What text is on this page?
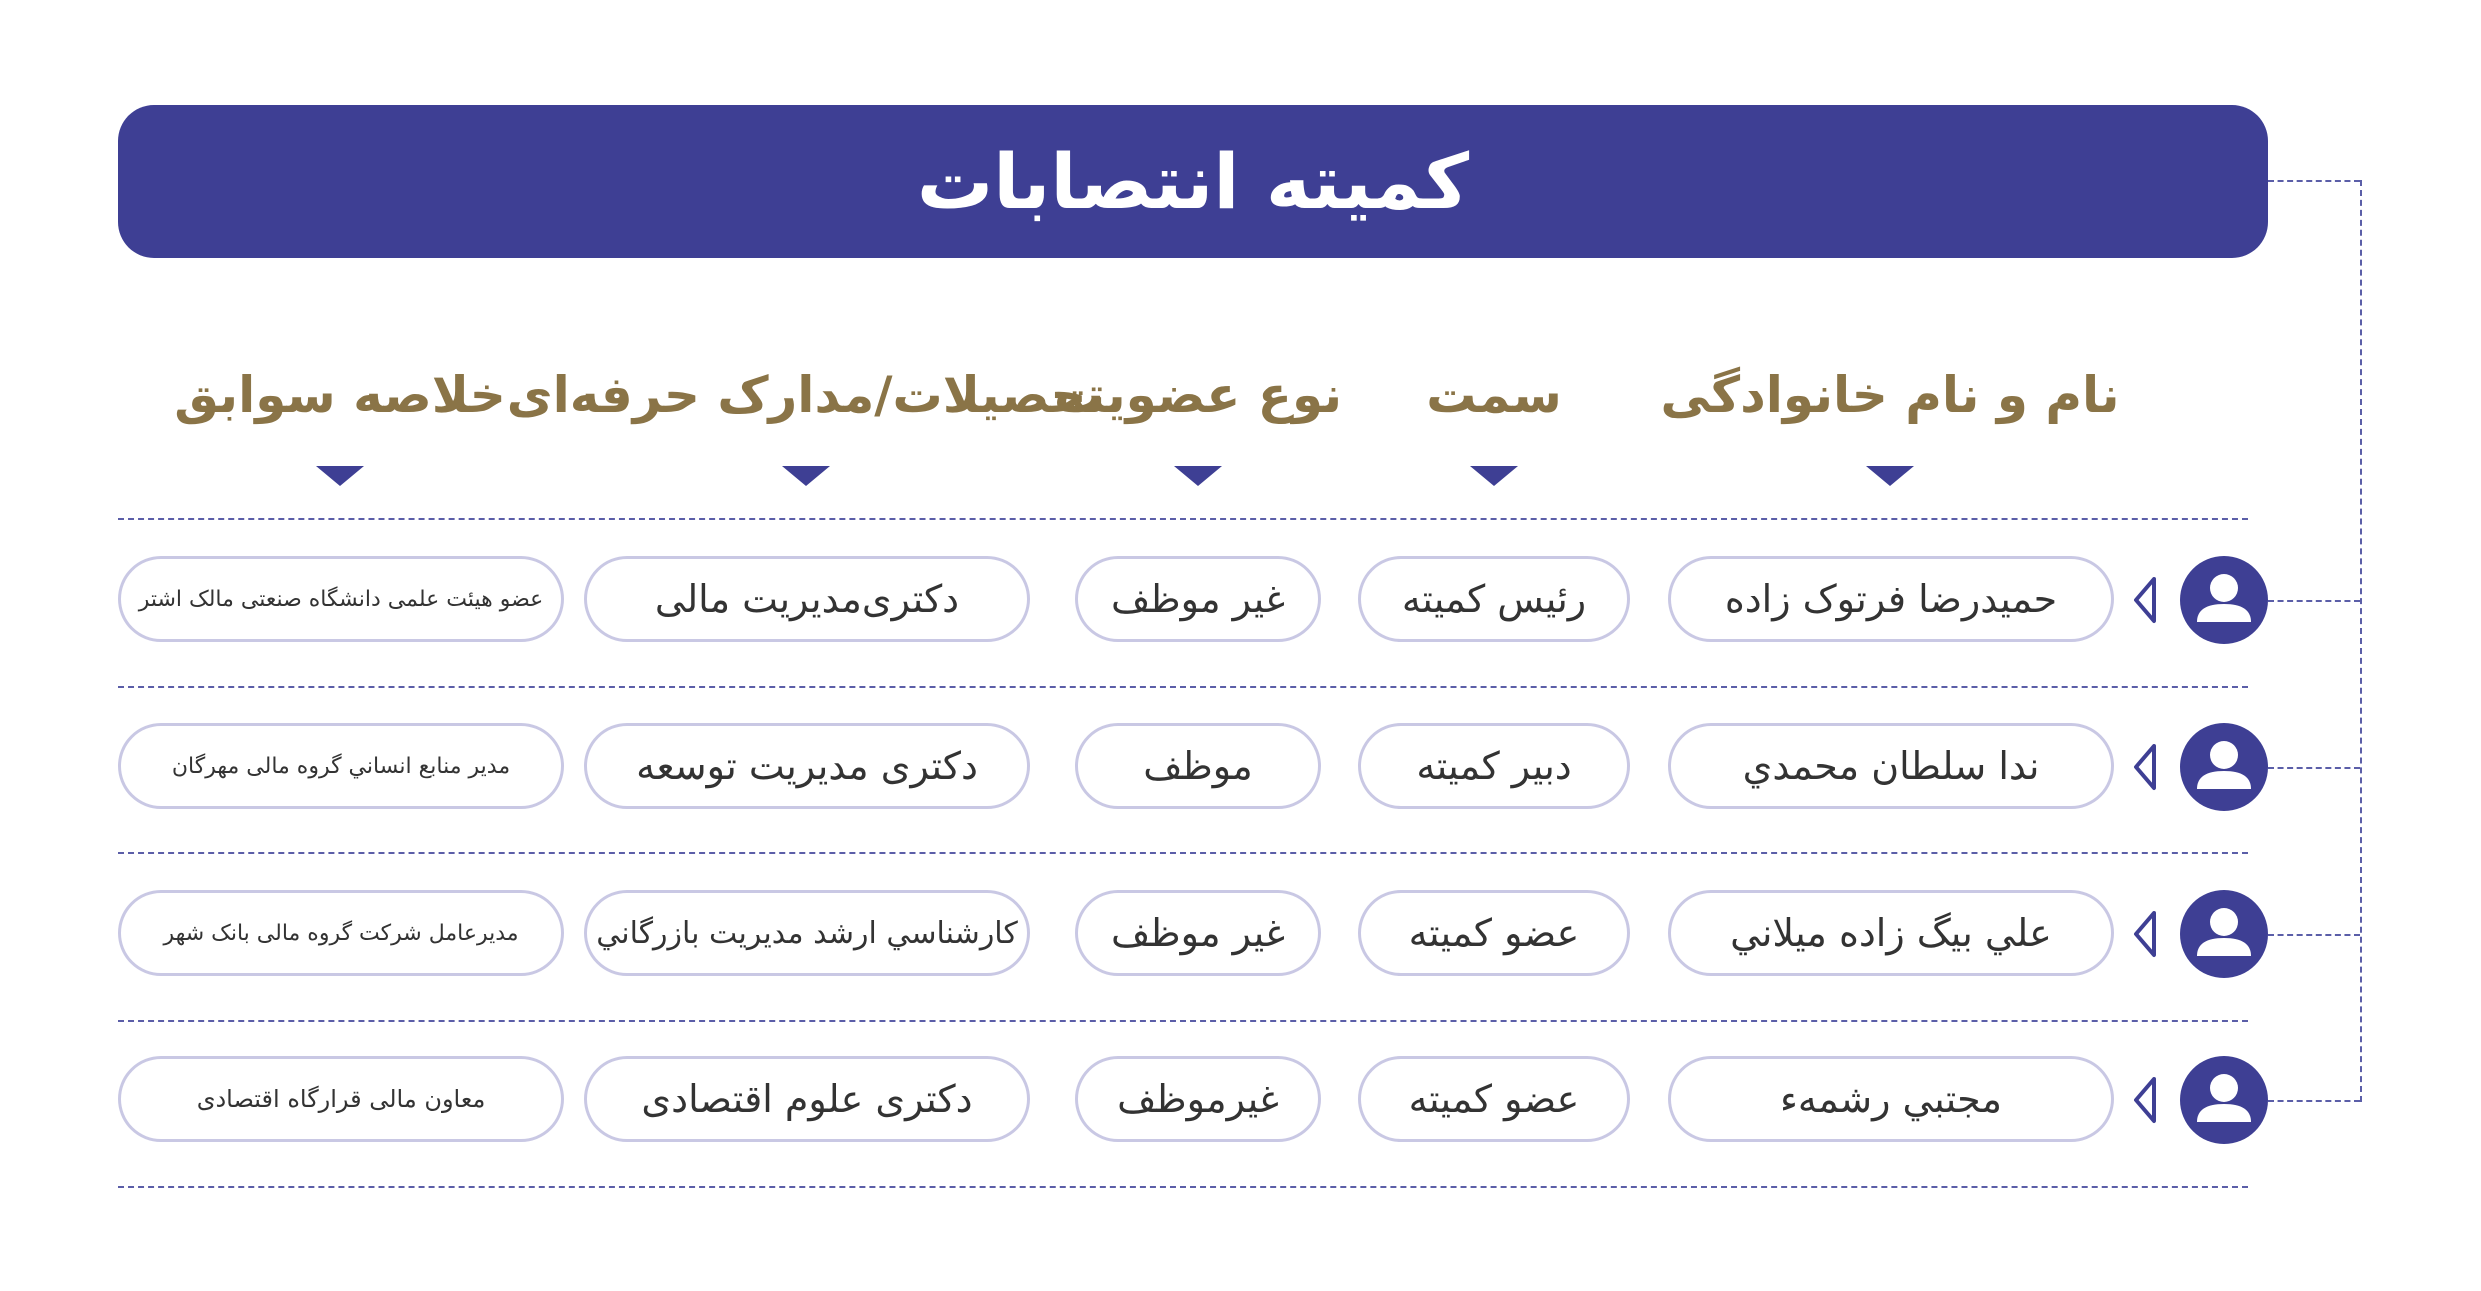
کمیته انتصابات
نام و نام خانوادگی
سمت
نوع عضویت
تحصیلات/مدارک حرفه‌ای
خلاصه سوابق
حمیدرضا فرتوک زاده
رئیس کمیته
غیر موظف
دکتری‌مدیریت مالی
عضو هیئت علمی دانشگاه صنعتی مالک اشتر
ندا سلطان محمدي
دبیر کمیته
موظف
دکتری مدیریت توسعه
مدیر منابع انساني گروه مالی مهرگان
علي بیگ زاده میلاني
عضو کمیته
غیر موظف
کارشناسي ارشد مدیریت بازرگاني
مدیرعامل شرکت گروه مالی بانک شهر
مجتبي رشمه‌ء
عضو کمیته
غیرموظف
دکتری علوم اقتصادی
معاون مالی قرارگاه اقتصادی
